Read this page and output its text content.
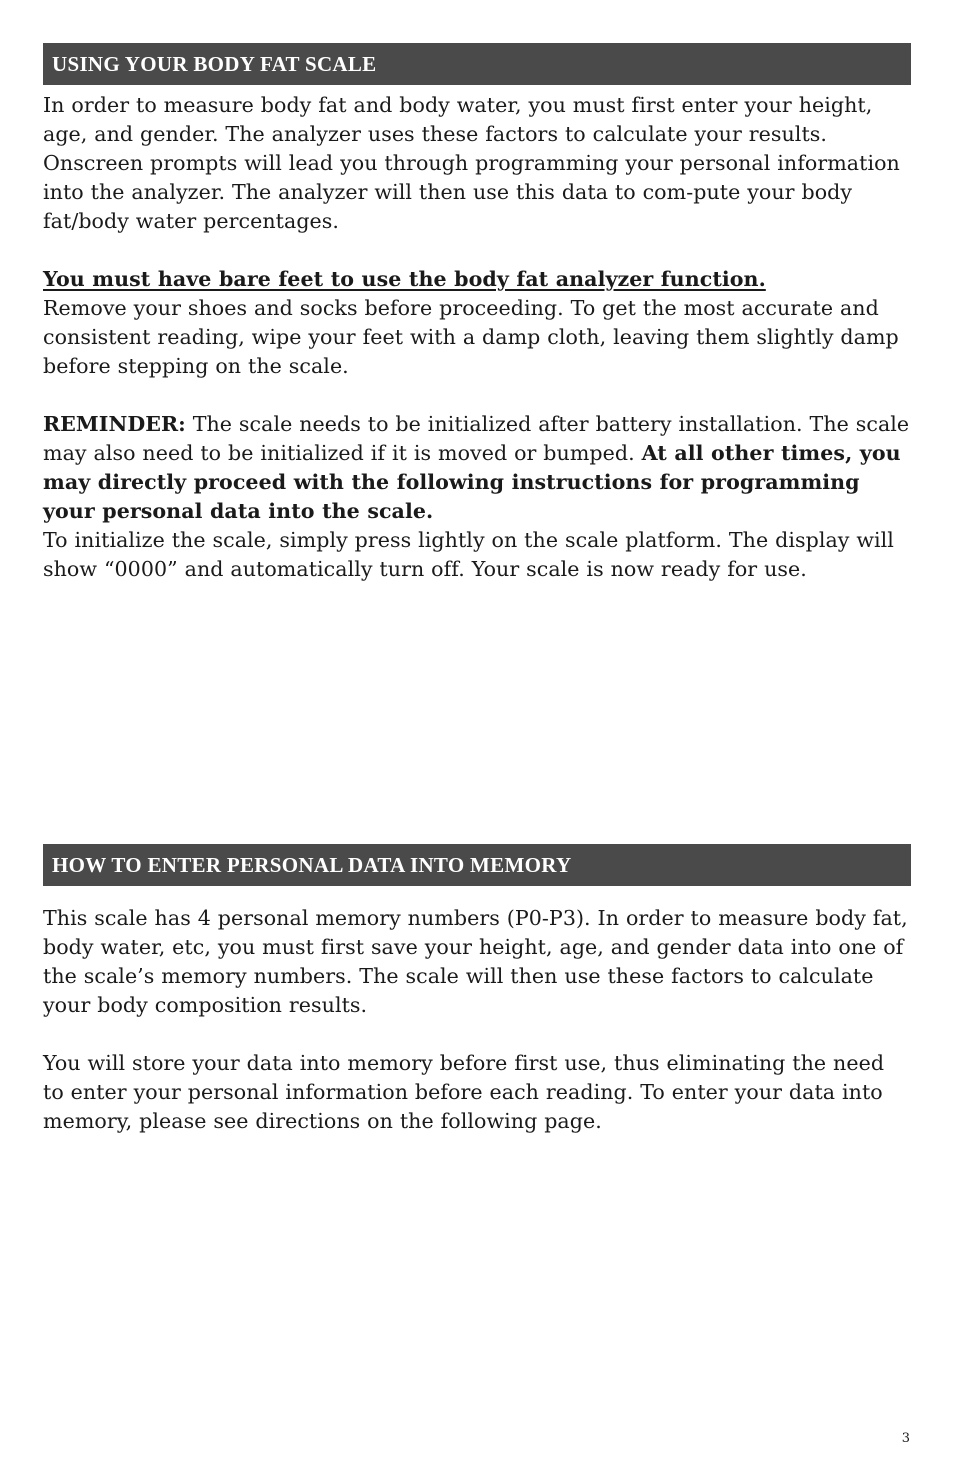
USING YOUR BODY FAT SCALE

In order to measure body fat and body water, you must first enter your height, age, and gender. The analyzer uses these factors to calculate your results. Onscreen prompts will lead you through programming your personal information into the analyzer. The analyzer will then use this data to com-pute your body fat/body water percentages.

You must have bare feet to use the body fat analyzer function.
Remove your shoes and socks before proceeding. To get the most accurate and consistent reading, wipe your feet with a damp cloth, leaving them slightly damp before stepping on the scale.

REMINDER: The scale needs to be initialized after battery installation. The scale may also need to be initialized if it is moved or bumped. At all other times, you may directly proceed with the following instructions for programming your personal data into the scale.

To initialize the scale, simply press lightly on the scale platform. The display will show “0000” and automatically turn off. Your scale is now ready for use.

HOW TO ENTER PERSONAL DATA INTO MEMORY

This scale has 4 personal memory numbers (P0-P3). In order to measure body fat, body water, etc, you must first save your height, age, and gender data into one of the scale’s memory numbers. The scale will then use these factors to calculate your body composition results.

You will store your data into memory before first use, thus eliminating the need to enter your personal information before each reading. To enter your data into memory, please see directions on the following page.

3
